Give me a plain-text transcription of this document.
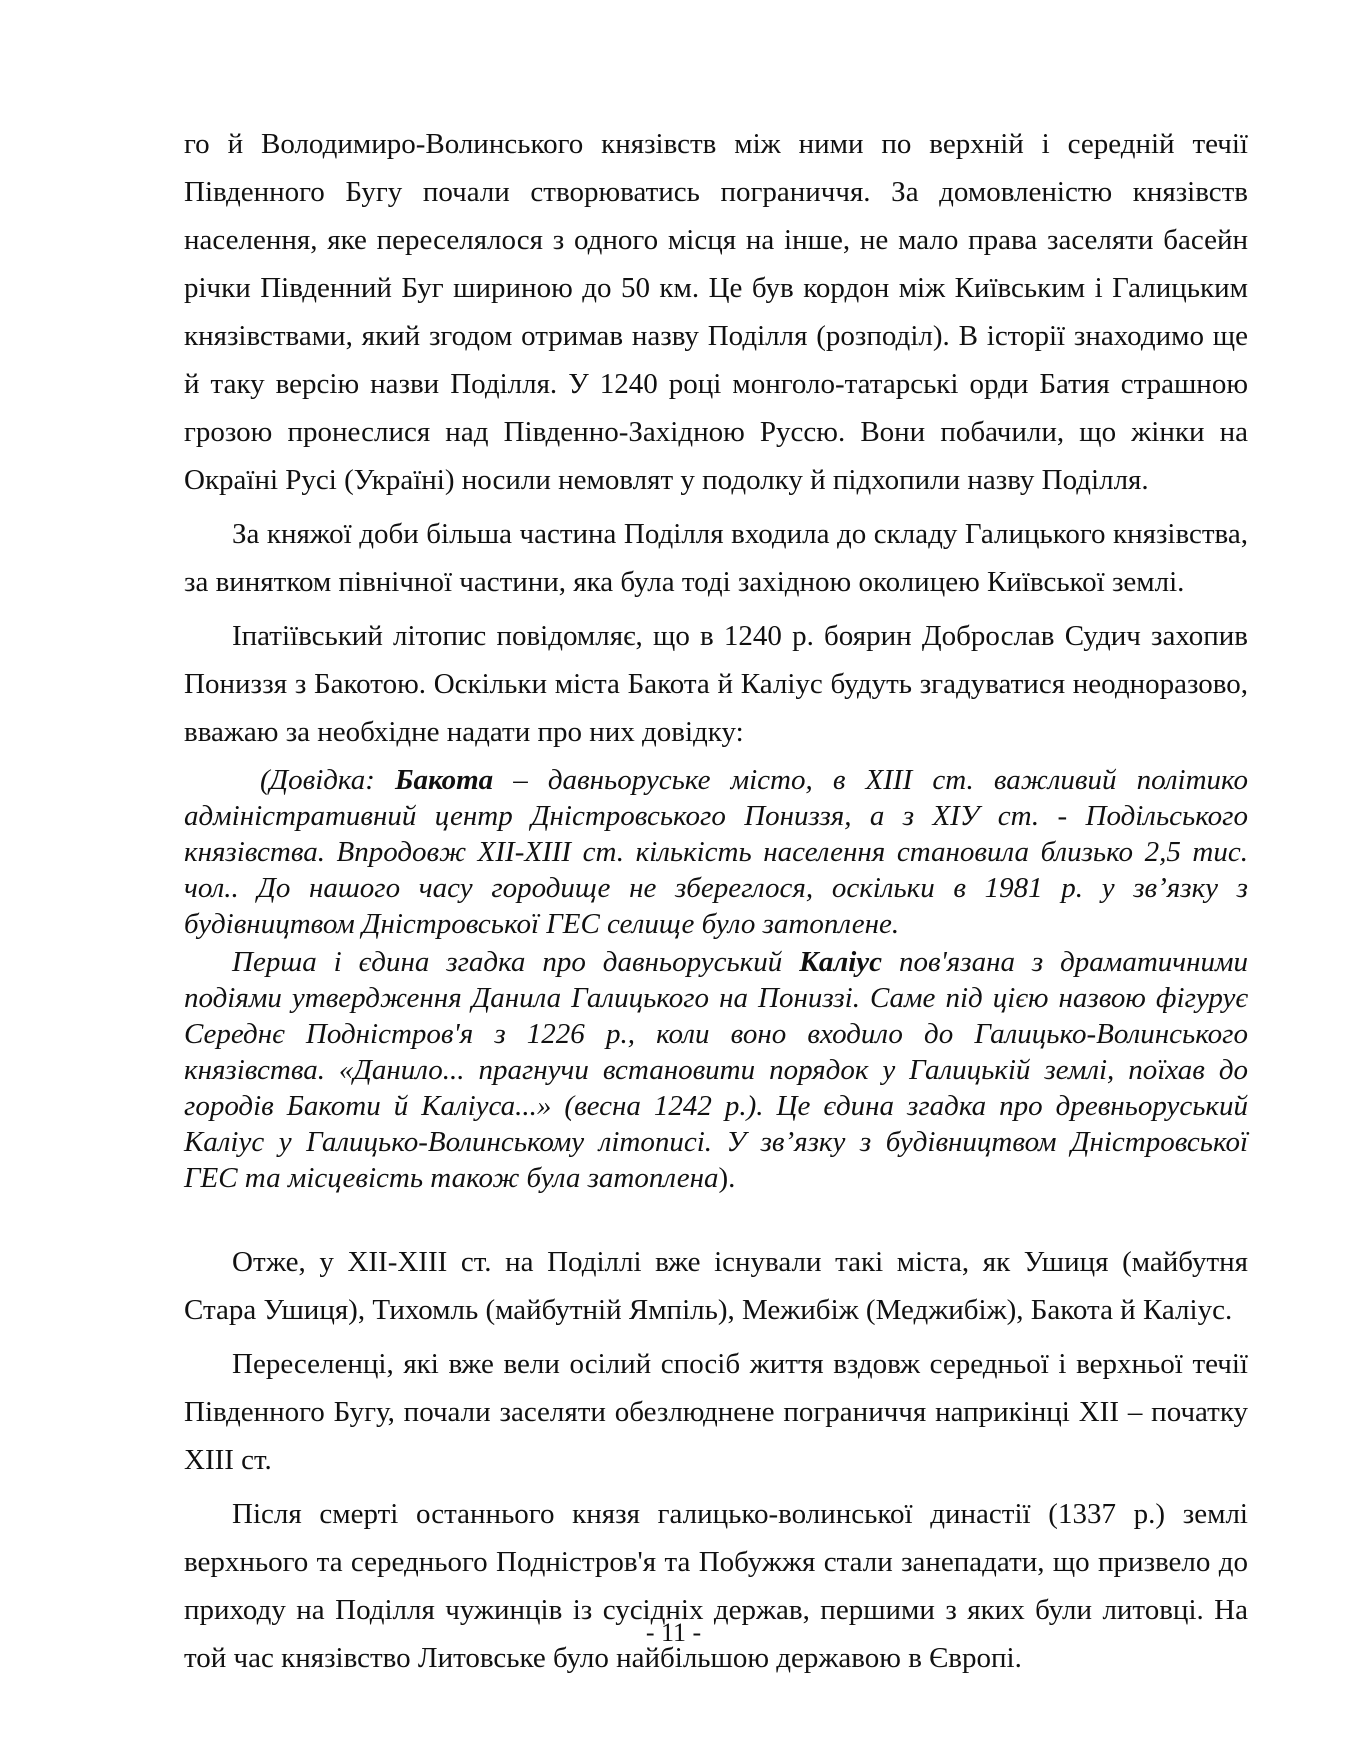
го й Володимиро-Волинського князівств між ними по верхній і середній течії Південного Бугу почали створюватись пограниччя. За домовленістю князівств населення, яке переселялося з одного місця на інше, не мало права заселяти басейн річки Південний Буг шириною до 50 км. Це був кордон між Київським і Галицьким князівствами, який згодом отримав назву Поділля (розподіл). В історії знаходимо ще й таку версію назви Поділля. У 1240 році монголо-татарські орди Батия страшною грозою пронеслися над Південно-Західною Руссю. Вони побачили, що жінки на Окраїні Русі (Україні) носили немовлят у подолку й підхопили назву Поділля.

За княжої доби більша частина Поділля входила до складу Галицького князівства, за винятком північної частини, яка була тоді західною околицею Київської землі.

Іпатіївський літопис повідомляє, що в 1240 р. боярин Доброслав Судич захопив Пониззя з Бакотою. Оскільки міста Бакота й Калiус будуть згадуватися неодноразово, вважаю за необхідне надати про них довідку:

(Довідка: Бакота – давньоруське місто, в XIII ст. важливий політико адміністративний центр Дністровського Пониззя, а з XIУ ст. - Подільського князівства. Впродовж XII-XIII ст. кількість населення становила близько 2,5 тис. чол.. До нашого часу городище не збереглося, оскільки в 1981 р. у зв’язку з будівництвом Дністровської ГЕС селище було затоплене.

Перша і єдина згадка про давньоруський Калiус пов'язана з драматичними подіями утвердження Данила Галицького на Пониззі. Саме під цією назвою фігурує Середнє Подністров'я з 1226 р., коли воно входило до Галицько-Волинського князівства. «Данило... прагнучи встановити порядок у Галицькій землі, поїхав до городів Бакоти й Калiуса...» (весна 1242 р.). Це єдина згадка про древньоруський Калiус у Галицько-Волинському літописі. У зв’язку з будівництвом Дністровської ГЕС та місцевість також була затоплена).

Отже, у XII-XIII ст. на Поділлі вже існували такі міста, як Ушиця (майбутня Стара Ушиця), Тихомль (майбутній Ямпіль), Межибіж (Меджибіж), Бакота й Калiус.

Переселенці, які вже вели осілий спосіб життя вздовж середньої і верхньої течії Південного Бугу, почали заселяти обезлюднене пограниччя наприкінці XII – початку XIII ст.

Після смерті останнього князя галицько-волинської династії (1337 р.) землі верхнього та середнього Подністров'я та Побужжя стали занепадати, що призвело до приходу на Поділля чужинців із сусідніх держав, першими з яких були литовці. На той час князівство Литовське було найбільшою державою в Європі.

- 11 -
